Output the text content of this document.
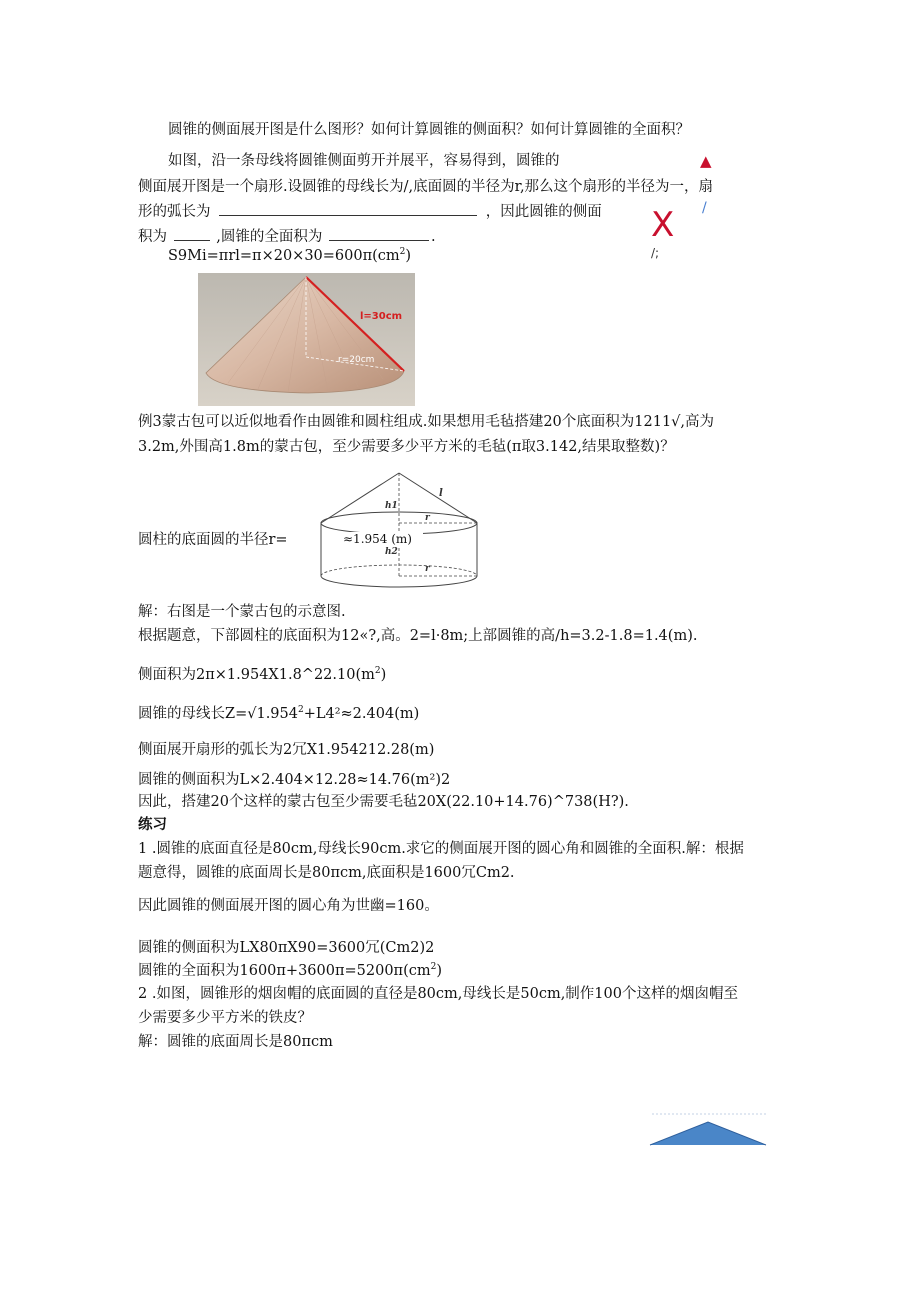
圆锥的侧面展开图是什么图形？如何计算圆锥的侧面积？如何计算圆锥的全面积？
如图，沿一条母线将圆锥侧面剪开并展平，容易得到，圆锥的
侧面展开图是一个扇形.设圆锥的母线长为/,底面圆的半径为r,那么这个扇形的半径为一，扇
形的弧长为	，因此圆锥的侧面
积为	,圆锥的全面积为	.
$S9Mi=\pi rl=\pi\times 20\times 30=600\pi(cm^2)$
▲
X /
/;
l=30cm
r=20cm
例3蒙古包可以近似地看作由圆锥和圆柱组成.如果想用毛毡搭建20个底面积为1211√,高为
3.2m,外围高1.8m的蒙古包，至少需要多少平方米的毛毡(π取3.142,结果取整数)？
l
h1
r
h2
r
≈1.954 (m)
圆柱的底面圆的半径r=
解：右图是一个蒙古包的示意图.
根据题意，下部圆柱的底面积为12«?,高。2=l·8m;上部圆锥的高∕h=3.2-1.8=1.4(m).
侧面积为$2\pi\times 1.954X1.8\^{}22.10(m^2)$
圆锥的母线长$Z=√1.954^2+L4^2\approx 2.404(m)$
侧面展开扇形的弧长为2冗X1.954212.28(m)
圆锥的侧面积为L×2.404×12.28≈14.76(m²)2
因此，搭建20个这样的蒙古包至少需要毛毡20X(22.10+14.76)^738(H?).
练习
1 .圆锥的底面直径是80cm,母线长90cm.求它的侧面展开图的圆心角和圆锥的全面积.解：根据
题意得，圆锥的底面周长是80πcm,底面积是1600冗Cm2.
因此圆锥的侧面展开图的圆心角为世幽=160。
圆锥的侧面积为LX80πX90=3600冗(Cm2)2
圆锥的全面积为$1600\pi+3600\pi=5200\pi(cm^2)$
2 .如图，圆锥形的烟囱帽的底面圆的直径是80cm,母线长是50cm,制作100个这样的烟囱帽至
少需要多少平方米的铁皮？
解：圆锥的底面周长是80πcm
